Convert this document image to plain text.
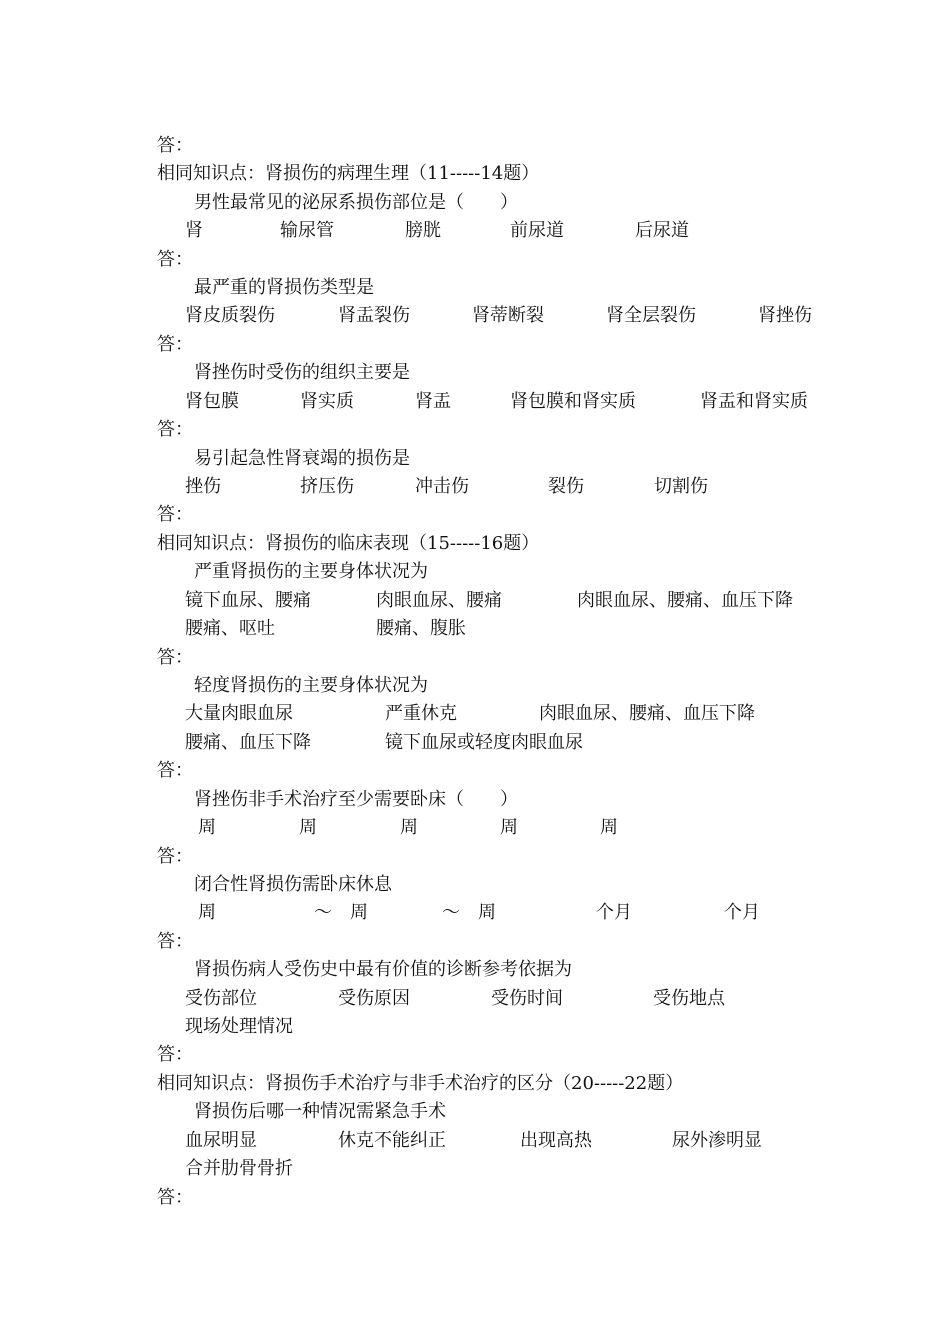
答：
相同知识点：肾损伤的病理生理（11-----14题）
男性最常见的泌尿系损伤部位是（　　）
肾	输尿管	膀胱	前尿道	后尿道
答：
最严重的肾损伤类型是
肾皮质裂伤	肾盂裂伤	肾蒂断裂	肾全层裂伤	肾挫伤
答：
肾挫伤时受伤的组织主要是
肾包膜	肾实质	肾盂	肾包膜和肾实质	肾盂和肾实质
答：
易引起急性肾衰竭的损伤是
挫伤	挤压伤	冲击伤	裂伤	切割伤
答：
相同知识点：肾损伤的临床表现（15-----16题）
严重肾损伤的主要身体状况为
镜下血尿、腰痛	肉眼血尿、腰痛	肉眼血尿、腰痛、血压下降
腰痛、呕吐	腰痛、腹胀
答：
轻度肾损伤的主要身体状况为
大量肉眼血尿	严重休克	肉眼血尿、腰痛、血压下降
腰痛、血压下降	镜下血尿或轻度肉眼血尿
答：
肾挫伤非手术治疗至少需要卧床（　　）
周	周	周	周	周
答：
闭合性肾损伤需卧床休息
周	～　周	～　周	个月	个月
答：
肾损伤病人受伤史中最有价值的诊断参考依据为
受伤部位	受伤原因	受伤时间	受伤地点
现场处理情况
答：
相同知识点：肾损伤手术治疗与非手术治疗的区分（20-----22题）
肾损伤后哪一种情况需紧急手术
血尿明显	休克不能纠正	出现高热	尿外渗明显
合并肋骨骨折
答：
